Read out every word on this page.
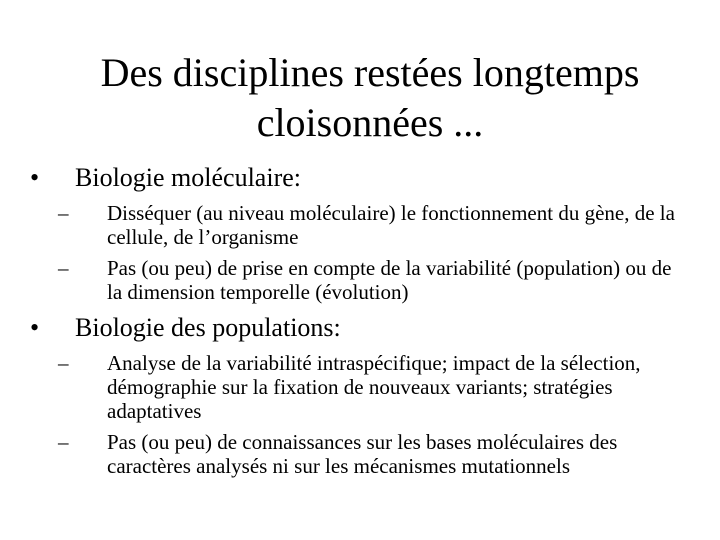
Des disciplines restées longtemps
cloisonnées ...
•	Biologie moléculaire:
– Disséquer (au niveau moléculaire) le fonctionnement du gène, de la cellule, de l’organisme
– Pas (ou peu) de prise en compte de la variabilité (population) ou de la dimension temporelle (évolution)
•	Biologie des populations:
– Analyse de la variabilité intraspécifique; impact de la sélection, démographie sur la fixation de nouveaux variants; stratégies adaptatives
– Pas (ou peu) de connaissances sur les bases moléculaires des caractères analysés ni sur les mécanismes mutationnels
